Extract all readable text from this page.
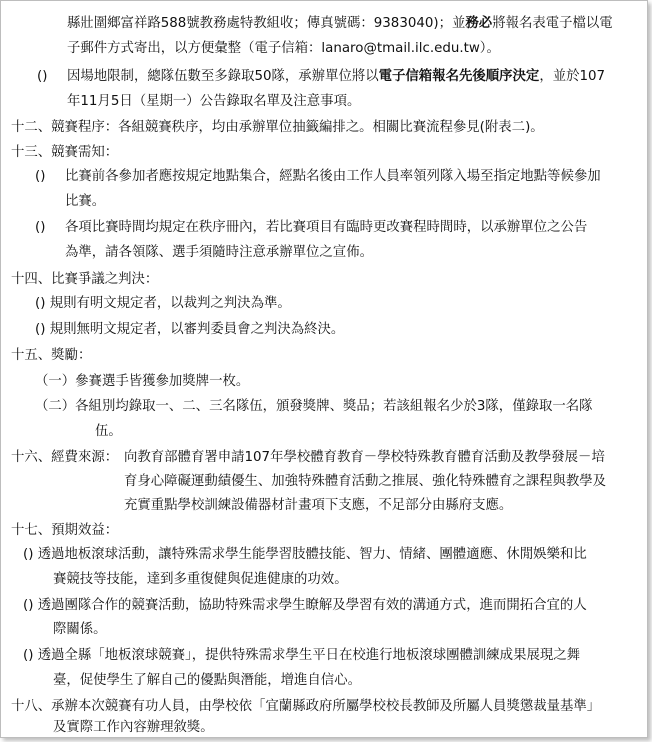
縣壯圍鄉富祥路588號教務處特教組收；傳真號碼：9383040)；並務必將報名表電子檔以電
子郵件方式寄出，以方便彙整（電子信箱：lanaro@tmail.ilc.edu.tw）。
() 因場地限制，總隊伍數至多錄取50隊，承辦單位將以電子信箱報名先後順序決定，並於107
年11月5日（星期一）公告錄取名單及注意事項。
十二、競賽程序：各組競賽秩序，均由承辦單位抽籤編排之。相關比賽流程參見(附表二)。
十三、競賽需知：
() 比賽前各參加者應按規定地點集合，經點名後由工作人員率領列隊入場至指定地點等候參加
比賽。
() 各項比賽時間均規定在秩序冊內，若比賽項目有臨時更改賽程時間時，以承辦單位之公告
為準，請各領隊、選手須隨時注意承辦單位之宣佈。
十四、比賽爭議之判決：
() 規則有明文規定者，以裁判之判決為準。
() 規則無明文規定者，以審判委員會之判決為終決。
十五、獎勵：
（一）參賽選手皆獲參加獎牌一枚。
（二）各組別均錄取一、二、三名隊伍，頒發獎牌、獎品；若該組報名少於3隊，僅錄取一名隊
伍。
十六、經費來源： 向教育部體育署申請107年學校體育教育－學校特殊教育體育活動及教學發展－培
育身心障礙運動績優生、加強特殊體育活動之推展、強化特殊體育之課程與教學及
充實重點學校訓練設備器材計畫項下支應，不足部分由縣府支應。
十七、預期效益：
() 透過地板滾球活動，讓特殊需求學生能學習肢體技能、智力、情緒、團體適應、休閒娛樂和比
賽競技等技能，達到多重復健與促進健康的功效。
() 透過團隊合作的競賽活動，協助特殊需求學生瞭解及學習有效的溝通方式，進而開拓合宜的人
際關係。
() 透過全縣「地板滾球競賽」，提供特殊需求學生平日在校進行地板滾球團體訓練成果展現之舞
臺，促使學生了解自己的優點與潛能，增進自信心。
十八、承辦本次競賽有功人員，由學校依「宜蘭縣政府所屬學校校長教師及所屬人員獎懲裁量基準」
及實際工作內容辦理敘獎。
